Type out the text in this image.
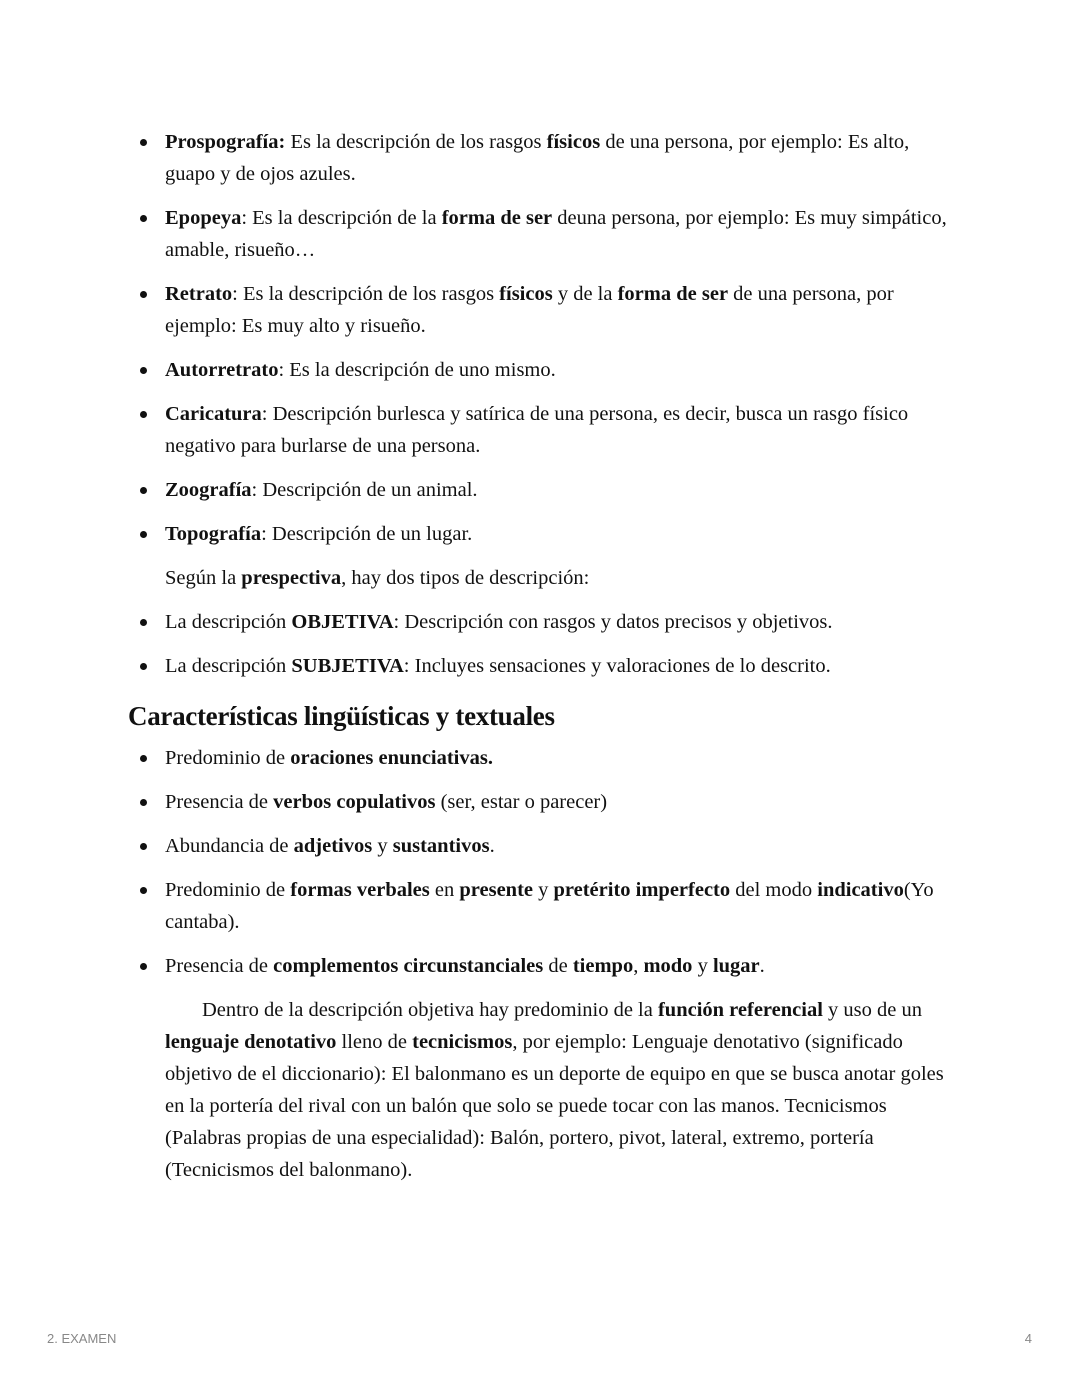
Prospografía: Es la descripción de los rasgos físicos de una persona, por ejemplo: Es alto, guapo y de ojos azules.
Epopeya: Es la descripción de la forma de ser deuna persona, por ejemplo: Es muy simpático, amable, risueño…
Retrato: Es la descripción de los rasgos físicos y de la forma de ser de una persona, por ejemplo: Es muy alto y risueño.
Autorretrato: Es la descripción de uno mismo.
Caricatura: Descripción burlesca y satírica de una persona, es decir, busca un rasgo físico negativo para burlarse de una persona.
Zoografía: Descripción de un animal.
Topografía: Descripción de un lugar.
Según la prespectiva, hay dos tipos de descripción:
La descripción OBJETIVA: Descripción con rasgos y datos precisos y objetivos.
La descripción SUBJETIVA: Incluyes sensaciones y valoraciones de lo descrito.
Características lingüísticas y textuales
Predominio de oraciones enunciativas.
Presencia de verbos copulativos (ser, estar o parecer)
Abundancia de adjetivos y sustantivos.
Predominio de formas verbales en presente y pretérito imperfecto del modo indicativo(Yo cantaba).
Presencia de complementos circunstanciales de tiempo, modo y lugar.

Dentro de la descripción objetiva hay predominio de la función referencial y uso de un lenguaje denotativo lleno de tecnicismos, por ejemplo: Lenguaje denotativo (significado objetivo de el diccionario): El balonmano es un deporte de equipo en que se busca anotar goles en la portería del rival con un balón que solo se puede tocar con las manos. Tecnicismos (Palabras propias de una especialidad): Balón, portero, pivot, lateral, extremo, portería (Tecnicismos del balonmano).

2. EXAMEN	4
